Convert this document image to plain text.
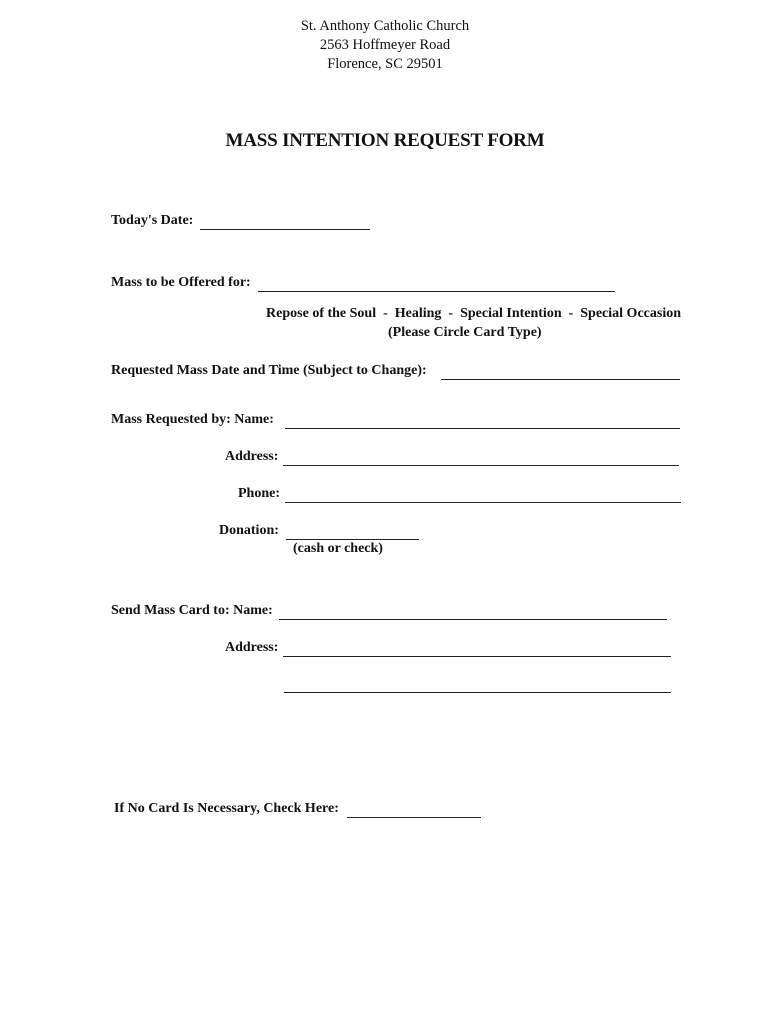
St. Anthony Catholic Church
2563 Hoffmeyer Road
Florence, SC 29501
MASS INTENTION REQUEST FORM
Today's Date:
Mass to be Offered for:
Repose of the Soul  -  Healing  -  Special Intention  -  Special Occasion
(Please Circle Card Type)
Requested Mass Date and Time (Subject to Change):
Mass Requested by: Name:
Address:
Phone:
Donation:
(cash or check)
Send Mass Card to: Name:
Address:
If No Card Is Necessary, Check Here:
